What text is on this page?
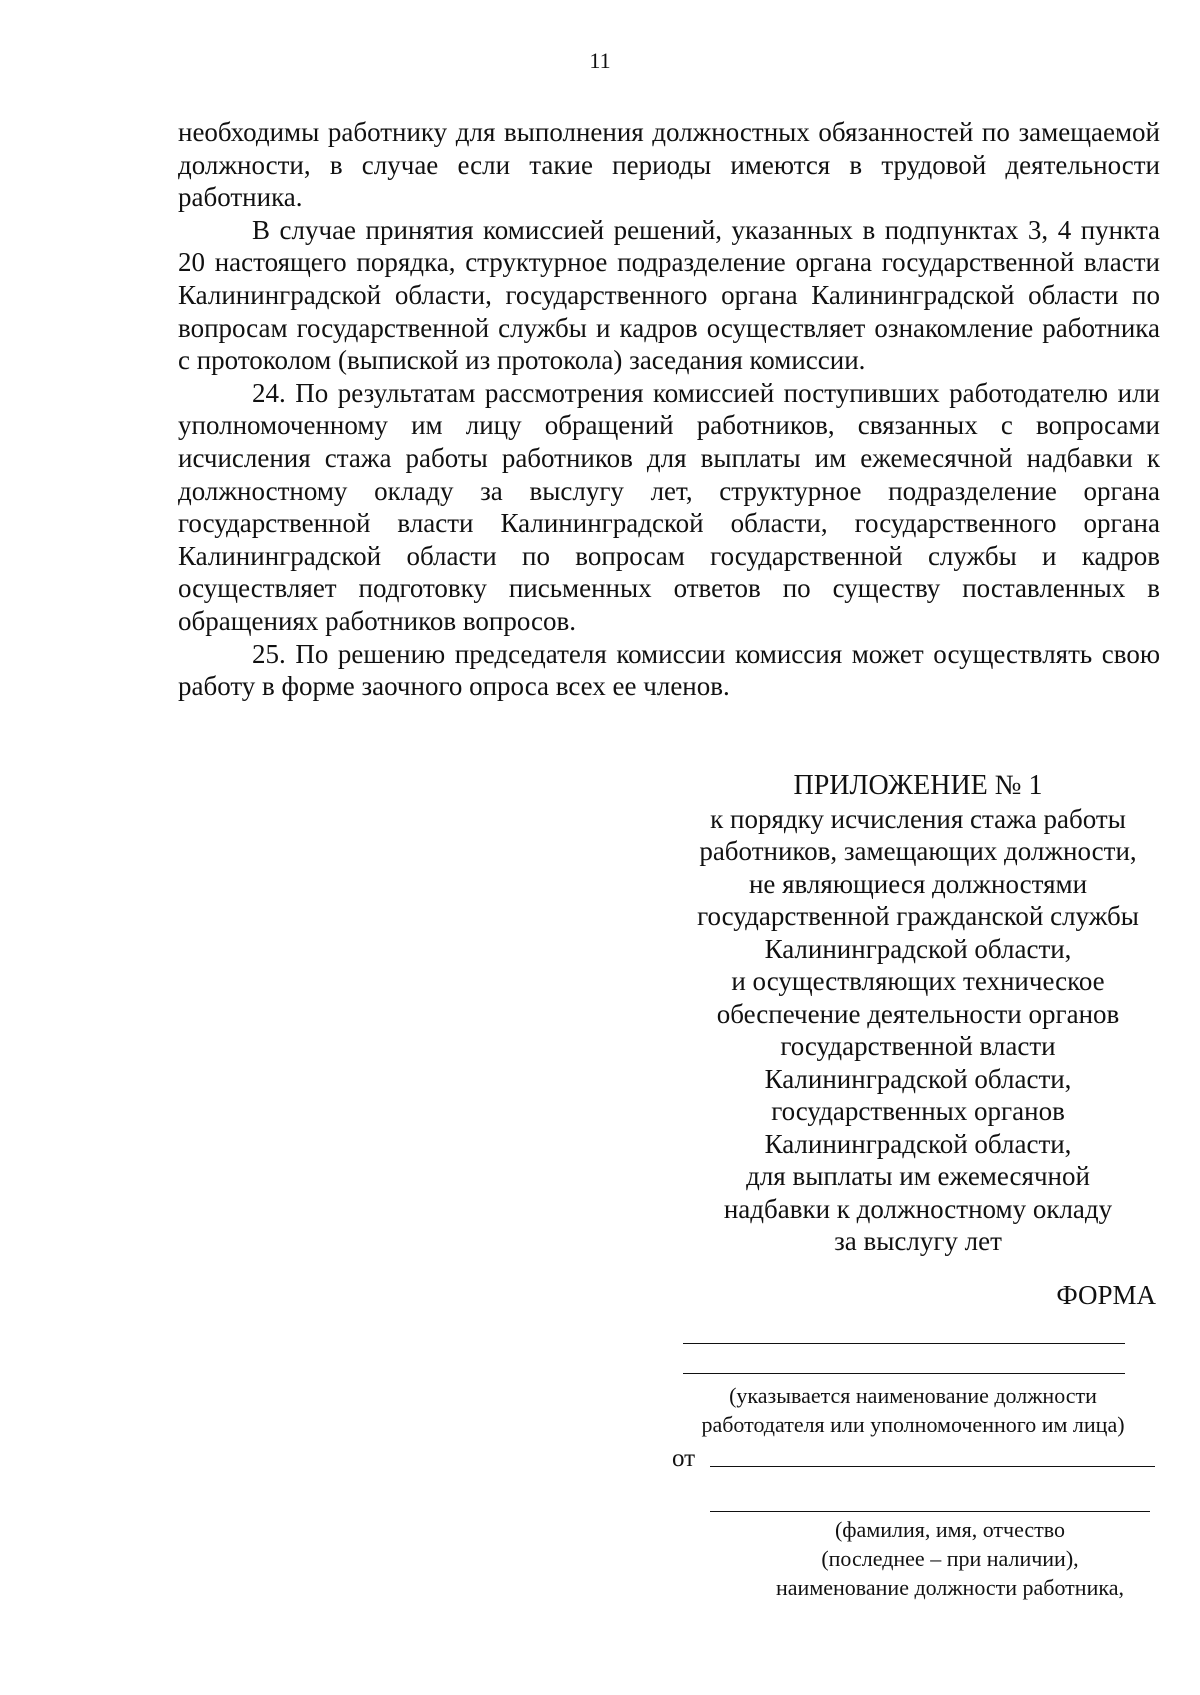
11

необходимы работнику для выполнения должностных обязанностей по замещаемой должности, в случае если такие периоды имеются в трудовой деятельности работника.

В случае принятия комиссией решений, указанных в подпунктах 3, 4 пункта 20 настоящего порядка, структурное подразделение органа государственной власти Калининградской области, государственного органа Калининградской области по вопросам государственной службы и кадров осуществляет ознакомление работника с протоколом (выпиской из протокола) заседания комиссии.

24. По результатам рассмотрения комиссией поступивших работодателю или уполномоченному им лицу обращений работников, связанных с вопросами исчисления стажа работы работников для выплаты им ежемесячной надбавки к должностному окладу за выслугу лет, структурное подразделение органа государственной власти Калининградской области, государственного органа Калининградской области по вопросам государственной службы и кадров осуществляет подготовку письменных ответов по существу поставленных в обращениях работников вопросов.

25. По решению председателя комиссии комиссия может осуществлять свою работу в форме заочного опроса всех ее членов.

ПРИЛОЖЕНИЕ № 1
к порядку исчисления стажа работы
работников, замещающих должности,
не являющиеся должностями
государственной гражданской службы
Калининградской области,
и осуществляющих техническое
обеспечение деятельности органов
государственной власти
Калининградской области,
государственных органов
Калининградской области,
для выплаты им ежемесячной
надбавки к должностному окладу
за выслугу лет
ФОРМА
(указывается наименование должности
работодателя или уполномоченного им лица)
от
(фамилия, имя, отчество
(последнее – при наличии),
наименование должности работника,
